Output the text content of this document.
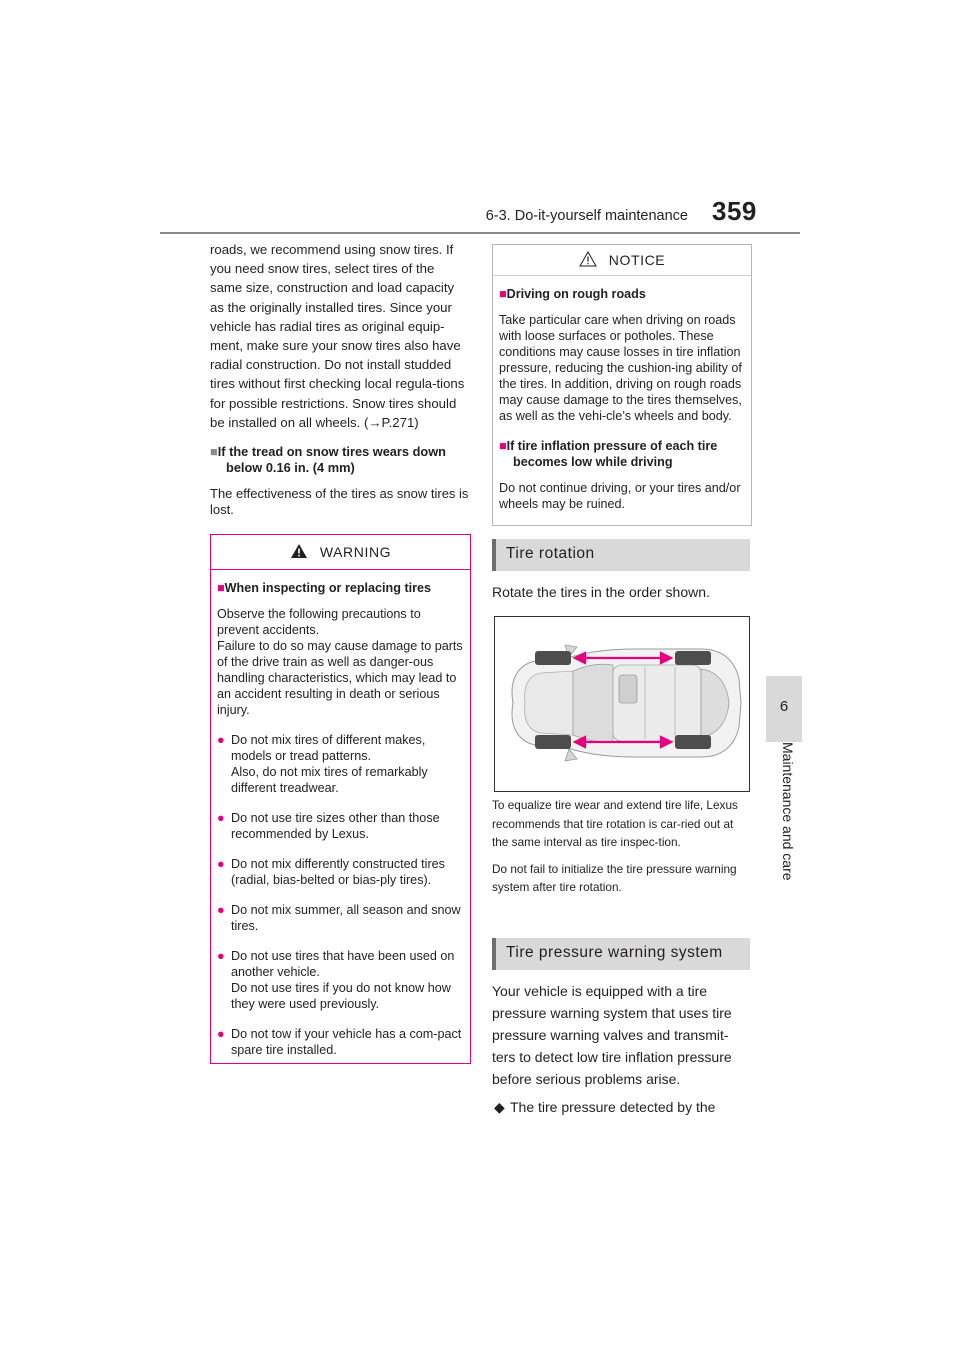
6-3. Do-it-yourself maintenance 359
6
Maintenance and care

roads, we recommend using snow tires. If you need snow tires, select tires of the same size, construction and load capacity as the originally installed tires. Since your vehicle has radial tires as original equip-ment, make sure your snow tires also have radial construction. Do not install studded tires without first checking local regula-tions for possible restrictions. Snow tires should be installed on all wheels. (→P.271)

■If the tread on snow tires wears down below 0.16 in. (4 mm)

The effectiveness of the tires as snow tires is lost.

WARNING
■When inspecting or replacing tires

Observe the following precautions to prevent accidents.
Failure to do so may cause damage to parts of the drive train as well as danger-ous handling characteristics, which may lead to an accident resulting in death or serious injury.

● Do not mix tires of different makes, models or tread patterns.
Also, do not mix tires of remarkably different treadwear.
● Do not use tire sizes other than those recommended by Lexus.
● Do not mix differently constructed tires (radial, bias-belted or bias-ply tires).
● Do not mix summer, all season and snow tires.
● Do not use tires that have been used on another vehicle.
Do not use tires if you do not know how they were used previously.
● Do not tow if your vehicle has a com-pact spare tire installed.
NOTICE
■Driving on rough roads

Take particular care when driving on roads with loose surfaces or potholes. These conditions may cause losses in tire inflation pressure, reducing the cushion-ing ability of the tires. In addition, driving on rough roads may cause damage to the tires themselves, as well as the vehi-cle’s wheels and body.

■If tire inflation pressure of each tire becomes low while driving

Do not continue driving, or your tires and/or wheels may be ruined.

Tire rotation

Rotate the tires in the order shown.

To equalize tire wear and extend tire life, Lexus recommends that tire rotation is car-ried out at the same interval as tire inspec-tion.

Do not fail to initialize the tire pressure warning system after tire rotation.

Tire pressure warning system

Your vehicle is equipped with a tire pressure warning system that uses tire pressure warning valves and transmit-ters to detect low tire inflation pressure before serious problems arise.

◆ The tire pressure detected by the
